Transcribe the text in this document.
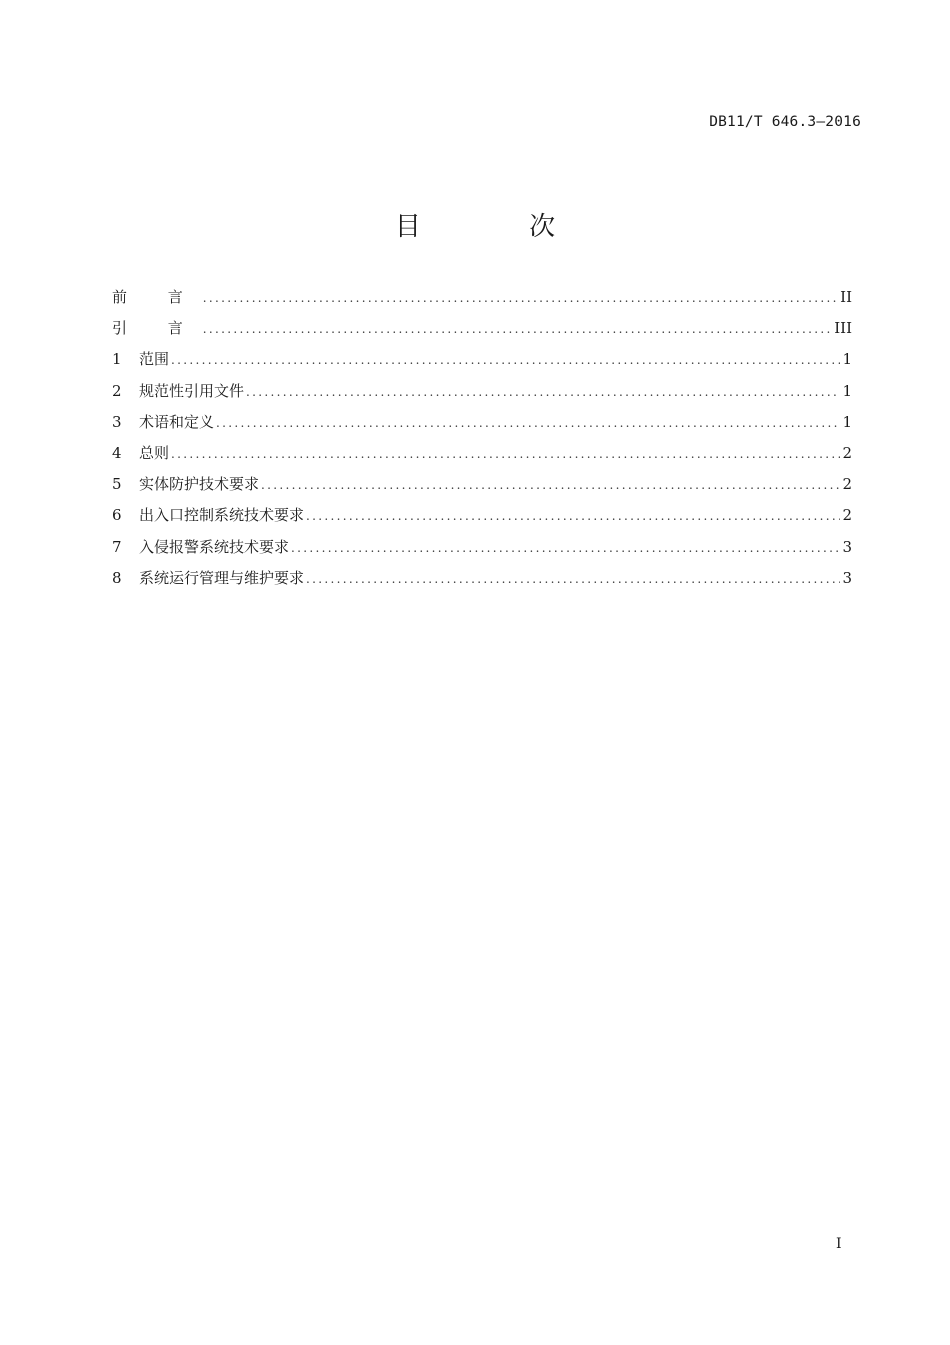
DB11/T 646.3—2016
目 次
前 言 .....	II
引 言 .....	III
1	范围 .....	1
2	规范性引用文件 .....	1
3	术语和定义 .....	1
4	总则 .....	2
5	实体防护技术要求 .....	2
6	出入口控制系统技术要求 .....	2
7	入侵报警系统技术要求 .....	3
8	系统运行管理与维护要求 .....	3
I
